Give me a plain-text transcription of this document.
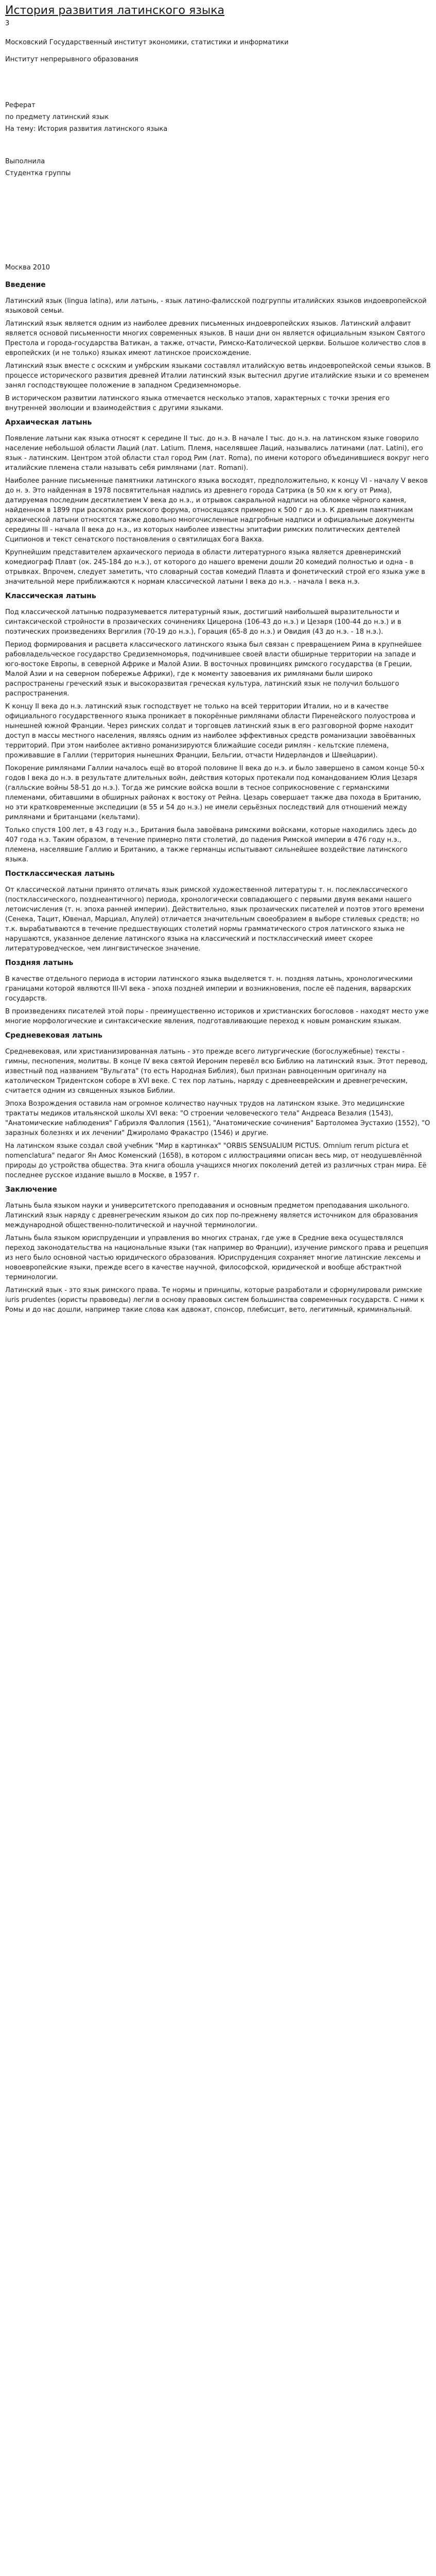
История развития латинского языка
3

Московский Государственный институт экономики, статистики и информатики

Институт непрерывного образования

Реферат

по предмету латинский язык

На тему: История развития латинского языка

Выполнила

Студентка группы

Москва 2010

Введение

Латинский язык (lingua latina), или латынь, - язык латино-фалисской подгруппы италийских языков индоевропейской языковой семьи.

Латинский язык является одним из наиболее древних письменных индоевропейских языков. Латинский алфавит является основой письменности многих современных языков. В наши дни он является официальным языком Святого Престола и города-государства Ватикан, а также, отчасти, Римско-Католической церкви. Большое количество слов в европейских (и не только) языках имеют латинское происхождение.

Латинский язык вместе с оскским и умбрским языками составлял италийскую ветвь индоевропейской семьи языков. В процессе исторического развития древней Италии латинский язык вытеснил другие италийские языки и со временем занял господствующее положение в западном Средиземноморье.

В историческом развитии латинского языка отмечается несколько этапов, характерных с точки зрения его внутренней эволюции и взаимодействия с другими языками.

Архаическая латынь

Появление латыни как языка относят к середине II тыс. до н.э. В начале I тыс. до н.э. на латинском языке говорило население небольшой области Лаций (лат. Latium. Племя, населявшее Лаций, назывались латинами (лат. Latini), его язык - латинским. Центром этой области стал город Рим (лат. Roma), по имени которого объединившиеся вокруг него италийские племена стали называть себя римлянами (лат. Romani).

Наиболее ранние письменные памятники латинского языка восходят, предположительно, к концу VI - началу V веков до н. э. Это найденная в 1978 посвятительная надпись из древнего города Сатрика (в 50 км к югу от Рима), датируемая последним десятилетием V века до н.э., и отрывок сакральной надписи на обломке чёрного камня, найденном в 1899 при раскопках римского форума, относящаяся примерно к 500 г до н.э. К древним памятникам архаической латыни относятся также довольно многочисленные надгробные надписи и официальные документы середины III - начала II века до н.э., из которых наиболее известны эпитафии римских политических деятелей Сципионов и текст сенатского постановления о святилищах бога Вакха.

Крупнейшим представителем архаического периода в области литературного языка является древнеримский комедиограф Плавт (ок. 245-184 до н.э.), от которого до нашего времени дошли 20 комедий полностью и одна - в отрывках. Впрочем, следует заметить, что словарный состав комедий Плавта и фонетический строй его языка уже в значительной мере приближаются к нормам классической латыни I века до н.э. - начала I века н.э.

Классическая латынь

Под классической латынью подразумевается литературный язык, достигший наибольшей выразительности и синтаксической стройности в прозаических сочинениях Цицерона (106-43 до н.э.) и Цезаря (100-44 до н.э.) и в поэтических произведениях Вергилия (70-19 до н.э.), Горация (65-8 до н.э.) и Овидия (43 до н.э. - 18 н.э.).

Период формирования и расцвета классического латинского языка был связан с превращением Рима в крупнейшее рабовладельческое государство Средиземноморья, подчинившее своей власти обширные территории на западе и юго-востоке Европы, в северной Африке и Малой Азии. В восточных провинциях римского государства (в Греции, Малой Азии и на северном побережье Африки), где к моменту завоевания их римлянами были широко распространены греческий язык и высокоразвитая греческая культура, латинский язык не получил большого распространения.

К концу II века до н.э. латинский язык господствует не только на всей территории Италии, но и в качестве официального государственного языка проникает в покорённые римлянами области Пиренейского полуострова и нынешней южной Франции. Через римских солдат и торговцев латинский язык в его разговорной форме находит доступ в массы местного населения, являясь одним из наиболее эффективных средств романизации завоёванных территорий. При этом наиболее активно романизируются ближайшие соседи римлян - кельтские племена, проживавшие в Галлии (территория нынешних Франции, Бельгии, отчасти Нидерландов и Швейцарии).

Покорение римлянами Галлии началось ещё во второй половине II века до н.э. и было завершено в самом конце 50-х годов I века до н.э. в результате длительных войн, действия которых протекали под командованием Юлия Цезаря (галльские войны 58-51 до н.э.). Тогда же римские войска вошли в тесное соприкосновение с германскими племенами, обитавшими в обширных районах к востоку от Рейна. Цезарь совершает также два похода в Британию, но эти кратковременные экспедиции (в 55 и 54 до н.э.) не имели серьёзных последствий для отношений между римлянами и британцами (кельтами).

Только спустя 100 лет, в 43 году н.э., Британия была завоёвана римскими войсками, которые находились здесь до 407 года н.э. Таким образом, в течение примерно пяти столетий, до падения Римской империи в 476 году н.э., племена, населявшие Галлию и Британию, а также германцы испытывают сильнейшее воздействие латинского языка.

Постклассическая латынь

От классической латыни принято отличать язык римской художественной литературы т. н. послеклассического (постклассического, позднеантичного) периода, хронологически совпадающего с первыми двумя веками нашего летоисчисления (т. н. эпоха ранней империи). Действительно, язык прозаических писателей и поэтов этого времени (Сенека, Тацит, Ювенал, Марциал, Апулей) отличается значительным своеобразием в выборе стилевых средств; но т.к. вырабатываются в течение предшествующих столетий нормы грамматического строя латинского языка не нарушаются, указанное деление латинского языка на классический и постклассический имеет скорее литературоведческое, чем лингвистическое значение.

Поздняя латынь

В качестве отдельного периода в истории латинского языка выделяется т. н. поздняя латынь, хронологическими границами которой являются III-VI века - эпоха поздней империи и возникновения, после её падения, варварских государств.

В произведениях писателей этой поры - преимущественно историков и христианских богословов - находят место уже многие морфологические и синтаксические явления, подготавливающие переход к новым романским языкам.

Средневековая латынь

Средневековая, или христианизированная латынь - это прежде всего литургические (богослужебные) тексты - гимны, песнопения, молитвы. В конце IV века святой Иероним перевёл всю Библию на латинский язык. Этот перевод, известный под названием "Вульгата" (то есть Народная Библия), был признан равноценным оригиналу на католическом Тридентском соборе в XVI веке. С тех пор латынь, наряду с древнееврейским и древнегреческим, считается одним из священных языков Библии.

Эпоха Возрождения оставила нам огромное количество научных трудов на латинском языке. Это медицинские трактаты медиков итальянской школы XVI века: "О строении человеческого тела" Андреаса Везалия (1543), "Анатомические наблюдения" Габриэля Фаллопия (1561), "Анатомические сочинения" Бартоломеа Эустахио (1552), "О заразных болезнях и их лечении" Джироламо Фракастро (1546) и другие.

На латинском языке создал свой учебник "Мир в картинках" "ORBIS SENSUALIUM PICTUS. Omnium rerum pictura et nomenclatura" педагог Ян Амос Коменский (1658), в котором с иллюстрациями описан весь мир, от неодушевлённой природы до устройства общества. Эта книга обошла учащихся многих поколений детей из различных стран мира. Её последнее русское издание вышло в Москве, в 1957 г.

Заключение

Латынь была языком науки и университетского преподавания и основным предметом преподавания школьного. Латинский язык наряду с древнегреческим языком до сих пор по-прежнему является источником для образования международной общественно-политической и научной терминологии.

Латынь была языком юриспруденции и управления во многих странах, где уже в Средние века осуществлялся переход законодательства на национальные языки (так например во Франции), изучение римского права и рецепция из него было основной частью юридического образования. Юриспруденция сохраняет многие латинские лексемы и новоевропейские языки, прежде всего в качестве научной, философской, юридической и вообще абстрактной терминологии.

Латинский язык - это язык римского права. Те нормы и принципы, которые разработали и сформулировали римские iuris prudentes (юристы правоведы) легли в основу правовых систем большинства современных государств. С ними к Ромы и до нас дошли, например такие слова как адвокат, спонсор, плебисцит, вето, легитимный, криминальный.
